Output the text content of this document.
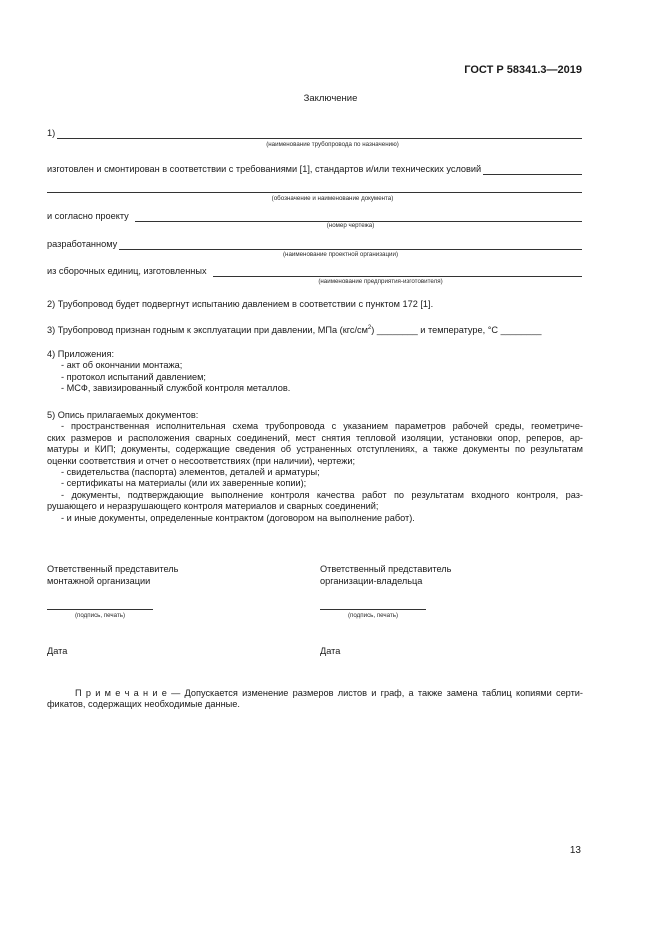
ГОСТ Р 58341.3—2019
Заключение
1)
(наименование трубопровода по назначению)
изготовлен и смонтирован в соответствии с требованиями [1], стандартов и/или технических условий
(обозначение и наименование документа)
и согласно проекту
(номер чертежа)
разработанному
(наименование проектной организации)
из сборочных единиц, изготовленных
(наименование предприятия-изготовителя)
2) Трубопровод будет подвергнут испытанию давлением в соответствии с пунктом 172 [1].
3) Трубопровод признан годным к эксплуатации при давлении, МПа $(кгс/см^2)$ ________ и температуре, °С ________
4) Приложения:
- акт об окончании монтажа;
- протокол испытаний давлением;
- МСФ, завизированный службой контроля металлов.
5) Опись прилагаемых документов:
- пространственная исполнительная схема трубопровода с указанием параметров рабочей среды, геометриче-
ских размеров и расположения сварных соединений, мест снятия тепловой изоляции, установки опор, реперов, ар-
матуры и КИП; документы, содержащие сведения об устраненных отступлениях, а также документы по результатам
оценки соответствия и отчет о несоответствиях (при наличии), чертежи;
- свидетельства (паспорта) элементов, деталей и арматуры;
- сертификаты на материалы (или их заверенные копии);
- документы, подтверждающие выполнение контроля качества работ по результатам входного контроля, раз-
рушающего и неразрушающего контроля материалов и сварных соединений;
- и иные документы, определенные контрактом (договором на выполнение работ).
Ответственный представитель
монтажной организации
(подпись, печать)
Дата
Ответственный представитель
организации-владельца
(подпись, печать)
Дата
П р и м е ч а н и е — Допускается изменение размеров листов и граф, а также замена таблиц копиями серти-
фикатов, содержащих необходимые данные.
13
